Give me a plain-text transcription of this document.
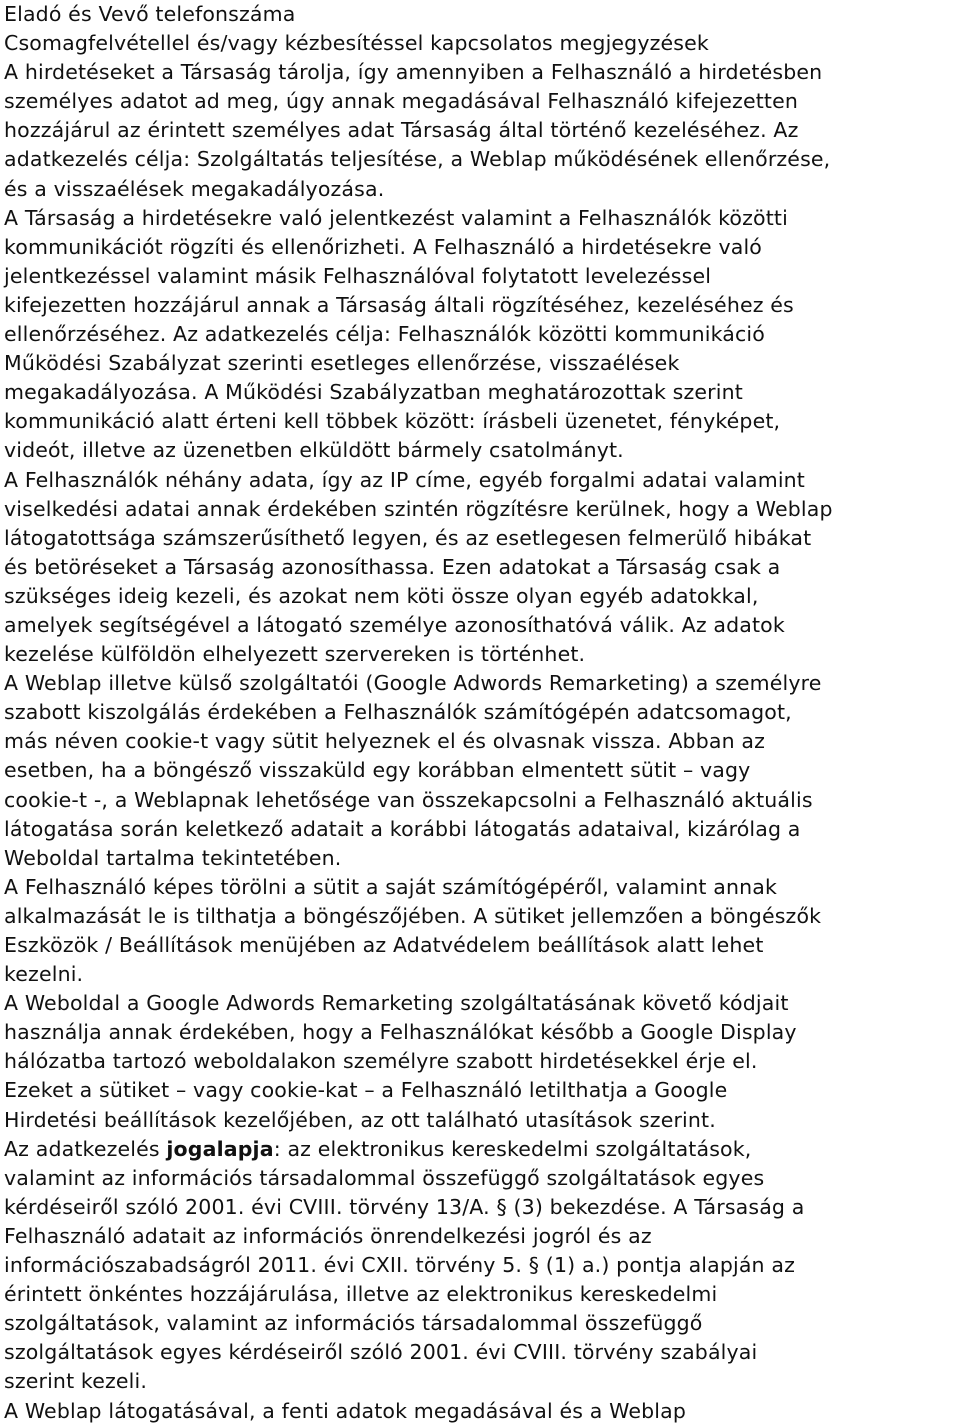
Eladó és Vevő telefonszáma
Csomagfelvétellel és/vagy kézbesítéssel kapcsolatos megjegyzések
A hirdetéseket a Társaság tárolja, így amennyiben a Felhasználó a hirdetésben
személyes adatot ad meg, úgy annak megadásával Felhasználó kifejezetten
hozzájárul az érintett személyes adat Társaság által történő kezeléséhez. Az
adatkezelés célja: Szolgáltatás teljesítése, a Weblap működésének ellenőrzése,
és a visszaélések megakadályozása.
A Társaság a hirdetésekre való jelentkezést valamint a Felhasználók közötti
kommunikációt rögzíti és ellenőrizheti. A Felhasználó a hirdetésekre való
jelentkezéssel valamint másik Felhasználóval folytatott levelezéssel
kifejezetten hozzájárul annak a Társaság általi rögzítéséhez, kezeléséhez és
ellenőrzéséhez. Az adatkezelés célja: Felhasználók közötti kommunikáció
Működési Szabályzat szerinti esetleges ellenőrzése, visszaélések
megakadályozása. A Működési Szabályzatban meghatározottak szerint
kommunikáció alatt érteni kell többek között: írásbeli üzenetet, fényképet,
videót, illetve az üzenetben elküldött bármely csatolmányt.
A Felhasználók néhány adata, így az IP címe, egyéb forgalmi adatai valamint
viselkedési adatai annak érdekében szintén rögzítésre kerülnek, hogy a Weblap
látogatottsága számszerűsíthető legyen, és az esetlegesen felmerülő hibákat
és betöréseket a Társaság azonosíthassa. Ezen adatokat a Társaság csak a
szükséges ideig kezeli, és azokat nem köti össze olyan egyéb adatokkal,
amelyek segítségével a látogató személye azonosíthatóvá válik. Az adatok
kezelése külföldön elhelyezett szervereken is történhet.
A Weblap illetve külső szolgáltatói (Google Adwords Remarketing) a személyre
szabott kiszolgálás érdekében a Felhasználók számítógépén adatcsomagot,
más néven cookie-t vagy sütit helyeznek el és olvasnak vissza. Abban az
esetben, ha a böngésző visszaküld egy korábban elmentett sütit – vagy
cookie-t -, a Weblapnak lehetősége van összekapcsolni a Felhasználó aktuális
látogatása során keletkező adatait a korábbi látogatás adataival, kizárólag a
Weboldal tartalma tekintetében.
A Felhasználó képes törölni a sütit a saját számítógépéről, valamint annak
alkalmazását le is tilthatja a böngészőjében. A sütiket jellemzően a böngészők
Eszközök / Beállítások menüjében az Adatvédelem beállítások alatt lehet
kezelni.
A Weboldal a Google Adwords Remarketing szolgáltatásának követő kódjait
használja annak érdekében, hogy a Felhasználókat később a Google Display
hálózatba tartozó weboldalakon személyre szabott hirdetésekkel érje el.
Ezeket a sütiket – vagy cookie-kat – a Felhasználó letilthatja a Google
Hirdetési beállítások kezelőjében, az ott található utasítások szerint.

Az adatkezelés jogalapja: az elektronikus kereskedelmi szolgáltatások,

valamint az információs társadalommal összefüggő szolgáltatások egyes
kérdéseiről szóló 2001. évi CVIII. törvény 13/A. § (3) bekezdése. A Társaság a
Felhasználó adatait az információs önrendelkezési jogról és az
információszabadságról 2011. évi CXII. törvény 5. § (1) a.) pontja alapján az
érintett önkéntes hozzájárulása, illetve az elektronikus kereskedelmi
szolgáltatások, valamint az információs társadalommal összefüggő
szolgáltatások egyes kérdéseiről szóló 2001. évi CVIII. törvény szabályai
szerint kezeli.
A Weblap látogatásával, a fenti adatok megadásával és a Weblap
